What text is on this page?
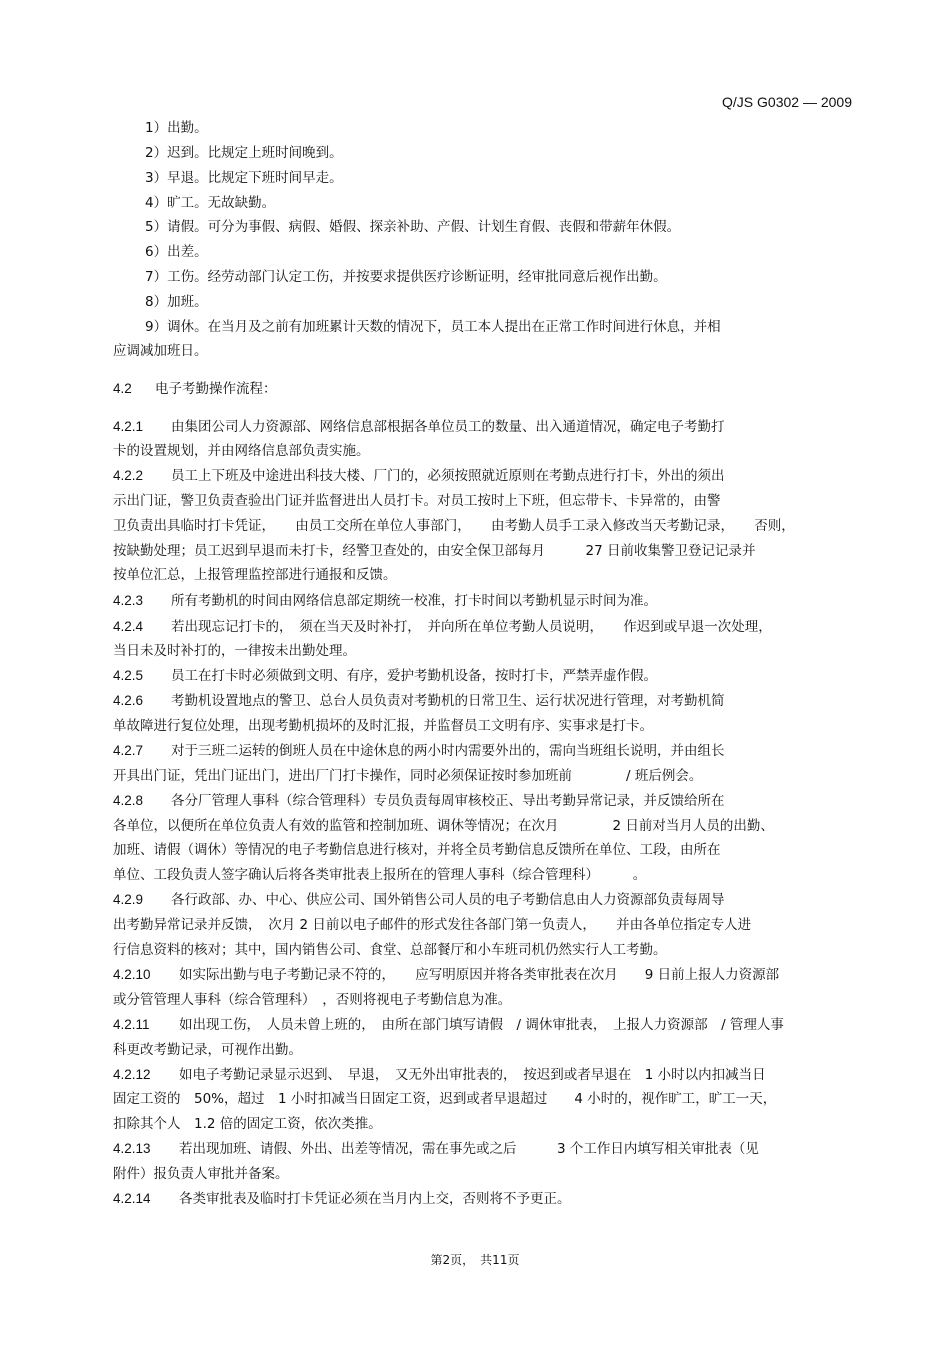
Q/JS G0302 — 2009
1）出勤。
2）迟到。比规定上班时间晚到。
3）早退。比规定下班时间早走。
4）旷工。无故缺勤。
5）请假。可分为事假、病假、婚假、探亲补助、产假、计划生育假、丧假和带薪年休假。
6）出差。
7）工伤。经劳动部门认定工伤，并按要求提供医疗诊断证明，经审批同意后视作出勤。
8）加班。
9）调休。在当月及之前有加班累计天数的情况下，员工本人提出在正常工作时间进行休息，并相
应调减加班日。
4.2 电子考勤操作流程：
4.2.1 由集团公司人力资源部、网络信息部根据各单位员工的数量、出入通道情况，确定电子考勤打
卡的设置规划，并由网络信息部负责实施。
4.2.2 员工上下班及中途进出科技大楼、厂门的，必须按照就近原则在考勤点进行打卡，外出的须出
示出门证，警卫负责查验出门证并监督进出人员打卡。对员工按时上下班，但忘带卡、卡异常的，由警
卫负责出具临时打卡凭证，　　由员工交所在单位人事部门，　　由考勤人员手工录入修改当天考勤记录，　　否则，
按缺勤处理；员工迟到早退而未打卡，经警卫查处的，由安全保卫部每月　　　27 日前收集警卫登记记录并
按单位汇总，上报管理监控部进行通报和反馈。
4.2.3 所有考勤机的时间由网络信息部定期统一校准，打卡时间以考勤机显示时间为准。
4.2.4 若出现忘记打卡的，　须在当天及时补打，　并向所在单位考勤人员说明，　　作迟到或早退一次处理，
当日未及时补打的，一律按未出勤处理。
4.2.5 员工在打卡时必须做到文明、有序，爱护考勤机设备，按时打卡，严禁弄虚作假。
4.2.6 考勤机设置地点的警卫、总台人员负责对考勤机的日常卫生、运行状况进行管理，对考勤机简
单故障进行复位处理，出现考勤机损坏的及时汇报，并监督员工文明有序、实事求是打卡。
4.2.7 对于三班二运转的倒班人员在中途休息的两小时内需要外出的，需向当班组长说明，并由组长
开具出门证，凭出门证出门，进出厂门打卡操作，同时必须保证按时参加班前　　　　/ 班后例会。
4.2.8 各分厂管理人事科（综合管理科）专员负责每周审核校正、导出考勤异常记录，并反馈给所在
各单位，以便所在单位负责人有效的监管和控制加班、调休等情况；在次月　　　　2 日前对当月人员的出勤、
加班、请假（调休）等情况的电子考勤信息进行核对，并将全员考勤信息反馈所在单位、工段，由所在
单位、工段负责人签字确认后将各类审批表上报所在的管理人事科（综合管理科）　　　。
4.2.9 各行政部、办、中心、供应公司、国外销售公司人员的电子考勤信息由人力资源部负责每周导
出考勤异常记录并反馈，　次月 2 日前以电子邮件的形式发往各部门第一负责人，　　并由各单位指定专人进
行信息资料的核对；其中，国内销售公司、食堂、总部餐厅和小车班司机仍然实行人工考勤。
4.2.10 如实际出勤与电子考勤记录不符的，　　应写明原因并将各类审批表在次月　　9 日前上报人力资源部
或分管管理人事科（综合管理科）　，否则将视电子考勤信息为准。
4.2.11 如出现工伤，　人员未曾上班的，　由所在部门填写请假　/ 调休审批表，　上报人力资源部　/ 管理人事
科更改考勤记录，可视作出勤。
4.2.12 如电子考勤记录显示迟到、　早退，　又无外出审批表的，　按迟到或者早退在　1 小时以内扣减当日
固定工资的　50%，超过　1 小时扣减当日固定工资，迟到或者早退超过　　4 小时的，视作旷工，旷工一天，
扣除其个人　1.2 倍的固定工资，依次类推。
4.2.13 若出现加班、请假、外出、出差等情况，需在事先或之后　　　3 个工作日内填写相关审批表（见
附件）报负责人审批并备案。
4.2.14 各类审批表及临时打卡凭证必须在当月内上交，否则将不予更正。
第2页，　共11页
